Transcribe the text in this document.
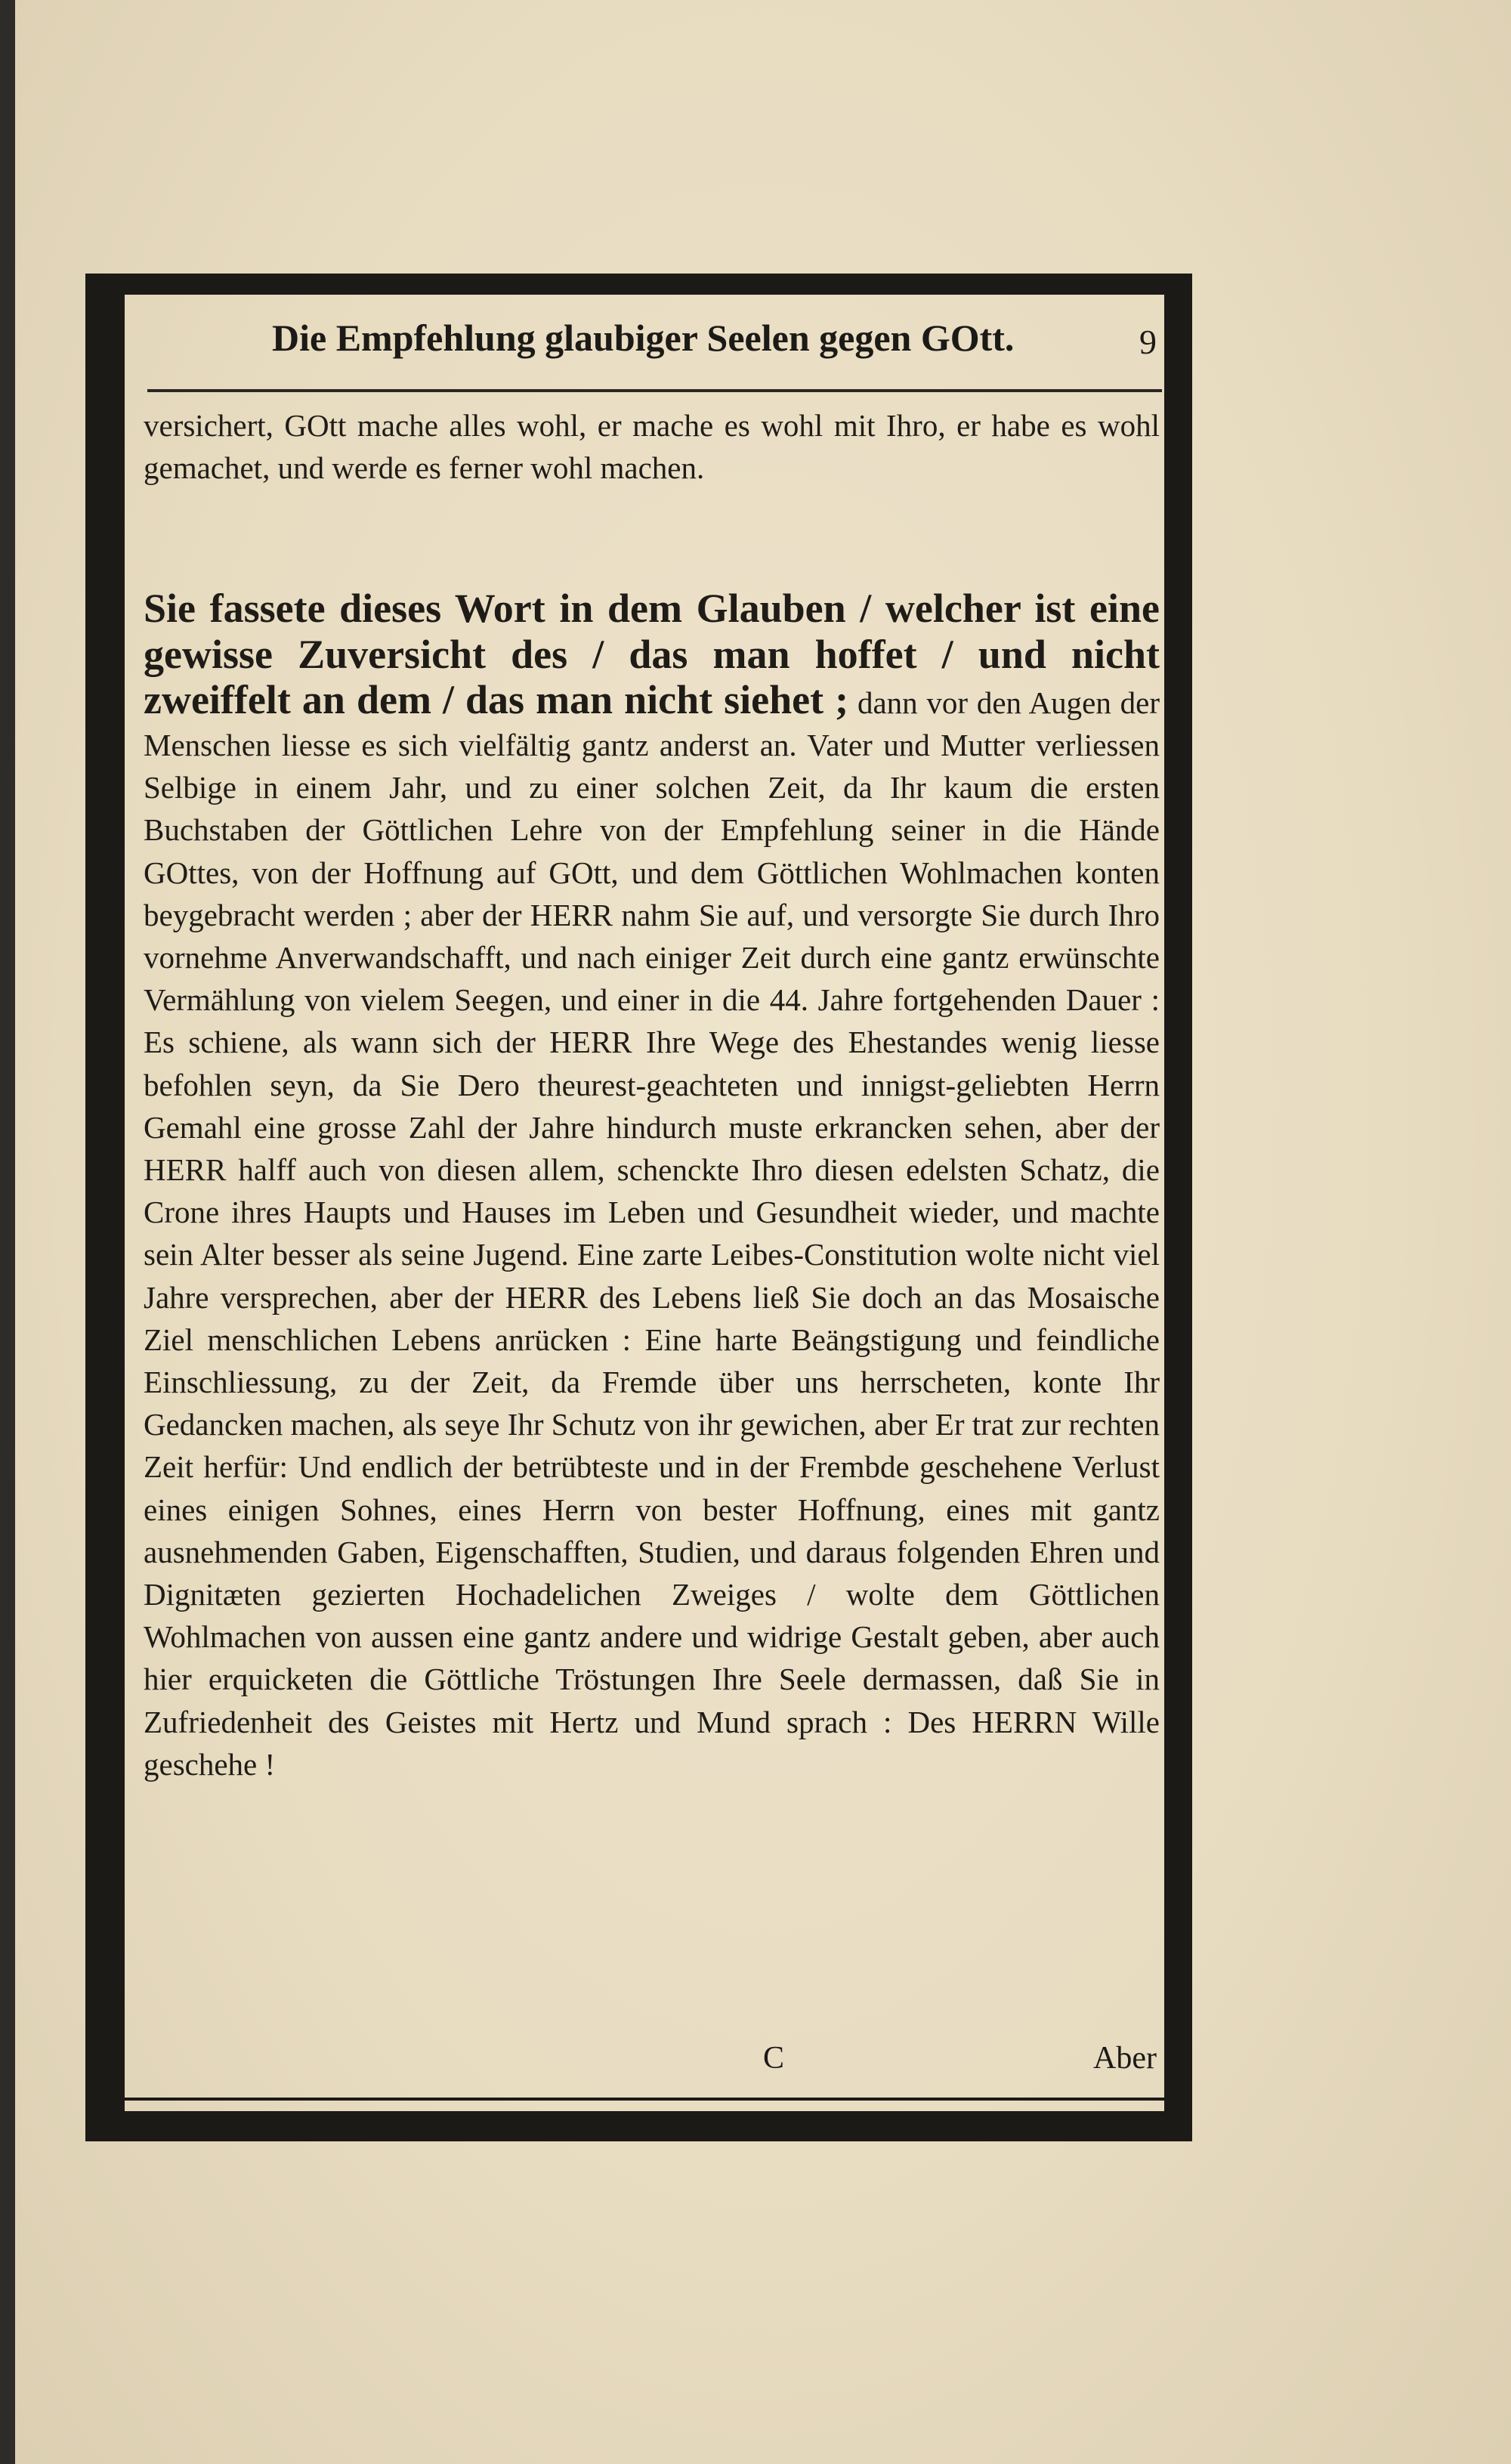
Die Empfehlung glaubiger Seelen gegen GOtt.	9

versichert, GOtt mache alles wohl, er mache es wohl mit Ihro, er habe es wohl gemachet, und werde es ferner wohl machen.

Sie fassete dieses Wort in dem Glauben / welcher ist eine gewisse Zuversicht des / das man hoffet / und nicht zweiffelt an dem / das man nicht siehet ; dann vor den Augen der Menschen liesse es sich vielfältig gantz anderst an. Vater und Mutter verliessen Selbige in einem Jahr, und zu einer solchen Zeit, da Ihr kaum die ersten Buchstaben der Göttlichen Lehre von der Empfehlung seiner in die Hände GOttes, von der Hoffnung auf GOtt, und dem Göttlichen Wohlmachen konten beygebracht werden ; aber der HERR nahm Sie auf, und versorgte Sie durch Ihro vornehme Anverwandschafft, und nach einiger Zeit durch eine gantz erwünschte Vermählung von vielem Seegen, und einer in die 44. Jahre fortgehenden Dauer : Es schiene, als wann sich der HERR Ihre Wege des Ehestandes wenig liesse befohlen seyn, da Sie Dero theurest-geachteten und innigst-geliebten Herrn Gemahl eine grosse Zahl der Jahre hindurch muste erkrancken sehen, aber der HERR halff auch von diesen allem, schenckte Ihro diesen edelsten Schatz, die Crone ihres Haupts und Hauses im Leben und Gesundheit wieder, und machte sein Alter besser als seine Jugend. Eine zarte Leibes-Constitution wolte nicht viel Jahre versprechen, aber der HERR des Lebens ließ Sie doch an das Mosaische Ziel menschlichen Lebens anrücken : Eine harte Beängstigung und feindliche Einschliessung, zu der Zeit, da Fremde über uns herrscheten, konte Ihr Gedancken machen, als seye Ihr Schutz von ihr gewichen, aber Er trat zur rechten Zeit herfür: Und endlich der betrübteste und in der Frembde geschehene Verlust eines einigen Sohnes, eines Herrn von bester Hoffnung, eines mit gantz ausnehmenden Gaben, Eigenschafften, Studien, und daraus folgenden Ehren und Dignitæten gezierten Hochadelichen Zweiges / wolte dem Göttlichen Wohlmachen von aussen eine gantz andere und widrige Gestalt geben, aber auch hier erquicketen die Göttliche Tröstungen Ihre Seele dermassen, daß Sie in Zufriedenheit des Geistes mit Hertz und Mund sprach : Des HERRN Wille geschehe !

C	Aber
